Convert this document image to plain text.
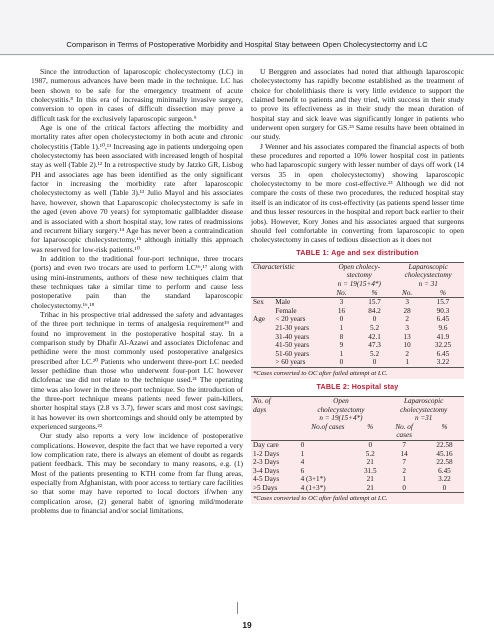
Comparison in Terms of Postoperative Morbidity and Hospital Stay between Open Cholecystectomy and LC

Since the introduction of laparoscopic cholecystectomy (LC) in 1987, numerous advances have been made in the technique. LC has been shown to be safe for the emergency treatment of acute cholecystitis.⁸ In this era of increasing minimally invasive surgery, conversion to open in cases of difficult dissection may prove a difficult task for the exclusively laparoscopic surgeon.⁹

Age is one of the critical factors affecting the morbidity and mortality rates after open cholecystectomy in both acute and chronic cholecystitis (Table 1).¹⁰,¹¹ Increasing age in patients undergoing open cholecystectomy has been associated with increased length of hospital stay as well (Table 2).¹² In a retrospective study by Jatzko GR, Lisbog PH and associates age has been identified as the only significant factor in increasing the morbidity rate after laparoscopic cholecystectomy as well (Table 3).¹³ Julio Mayol and his associates have, however, shown that Laparoscopic cholecystectomy is safe in the aged (even above 70 years) for symptomatic gallbladder disease and is associated with a short hospital stay, low rates of readmissions and recurrent biliary surgery.¹⁴ Age has never been a contraindication for laparoscopic cholecystectomy,¹⁵ although initially this approach was reserved for low-risk patients.¹⁰

In addition to the traditional four-port technique, three trocars (ports) and even two trocars are used to perform LC¹⁶,¹⁷ along with using mini-instruments, authors of these new techniques claim that these techniques take a similar time to perform and cause less postoperative pain than the standard laparoscopic cholecystectomy.¹⁶,¹⁸

Trihac in his prospective trial addressed the safety and advantages of the three port technique in terms of analgesia requirement¹⁹ and found no improvement in the postoperative hospital stay. In a comparison study by Dhafir Al-Azawi and associates Diclofenac and pethidine were the most commonly used postoperative analgesics prescribed after LC.²⁰ Patients who underwent three-port LC needed lesser pethidine than those who underwent four-port LC however diclofenac use did not relate to the technique used.²¹ The operating time was also lower in the three-port technique. So the introduction of the three-port technique means patients need fewer pain-killers, shorter hospital stays (2.8 vs 3.7), fewer scars and most cost savings; it has however its own shortcomings and should only be attempted by experienced surgeons.²²

Our study also reports a very low incidence of postoperative complications. However, despite the fact that we have reported a very low complication rate, there is always an element of doubt as regards patient feedback. This may be secondary to many reasons, e.g. (1) Most of the patients presenting to KTH come from far flung areas, especially from Afghanistan, with poor access to tertiary care facilities so that some may have reported to local doctors if/when any complication arose, (2) general habit of ignoring mild/moderate problems due to financial and/or social limitations.

U Berggren and associates had noted that although laparoscopic cholecystectomy has rapidly become established as the treatment of choice for cholelithiasis there is very little evidence to support the claimed benefit to patients and they tried, with success in their study to prove its effectiveness as in their study the mean duration of hospital stay and sick leave was significantly longer in patients who underwent open surgery for GS.²³ Same results have been obtained in our study.

J Wenner and his associates compared the financial aspects of both these procedures and reported a 10% lower hospital cost in patients who had laparoscopic surgery with lesser number of days off work (14 versus 35 in open cholecystectomy) showing laparoscopic cholecystectomy to be more cost-effective.²³ Although we did not compare the costs of these two procedures, the reduced hospital stay itself is an indicator of its cost-effectivity (as patients spend lesser time and thus lesser resources in the hospital and report back earlier to their jobs). However, Kory Jones and his associates argued that surgeons should feel comfortable in converting from laparoscopic to open cholecystectomy in cases of tedious dissection as it does not

TABLE 1: Age and sex distribution
Characteristic		Open cholecy-		Laparoscopic	
		stectomy		cholecystectomy	
		n = 19(15+4*)		n = 31	
		No.	%	No.	%
Sex	Male	3	15.7	3	15.7
	Female	16	84.2	28	90.3
Age	< 20 years	0	0	2	6.45
	21-30 years	1	5.2	3	9.6
	31-40 years	8	42.1	13	41.9
	41-50 years	9	47.3	10	32.25
	51-60 years	1	5.2	2	6.45
	> 60 years	0	0	1	3.22
*Cases converted to OC after failed attempt at LC.					
TABLE 2: Hospital stay
No. of	Open		Laparoscopic	
days	cholecystectomy		cholecystectomy	
	n = 19(15+4*)		n =31	
	No.of cases	%	No. of	%
			cases	
Day care	0	0	7	22.58
1-2 Days	1	5.2	14	45.16
2-3 Days	4	21	7	22.58
3-4 Days	6	31.5	2	6.45
4-5 Days	4 (3+1*)	21	1	3.22
>5 Days	4 (1+3*)	21	0	0
*Cases converted to OC after failed attempt at LC.				
19
